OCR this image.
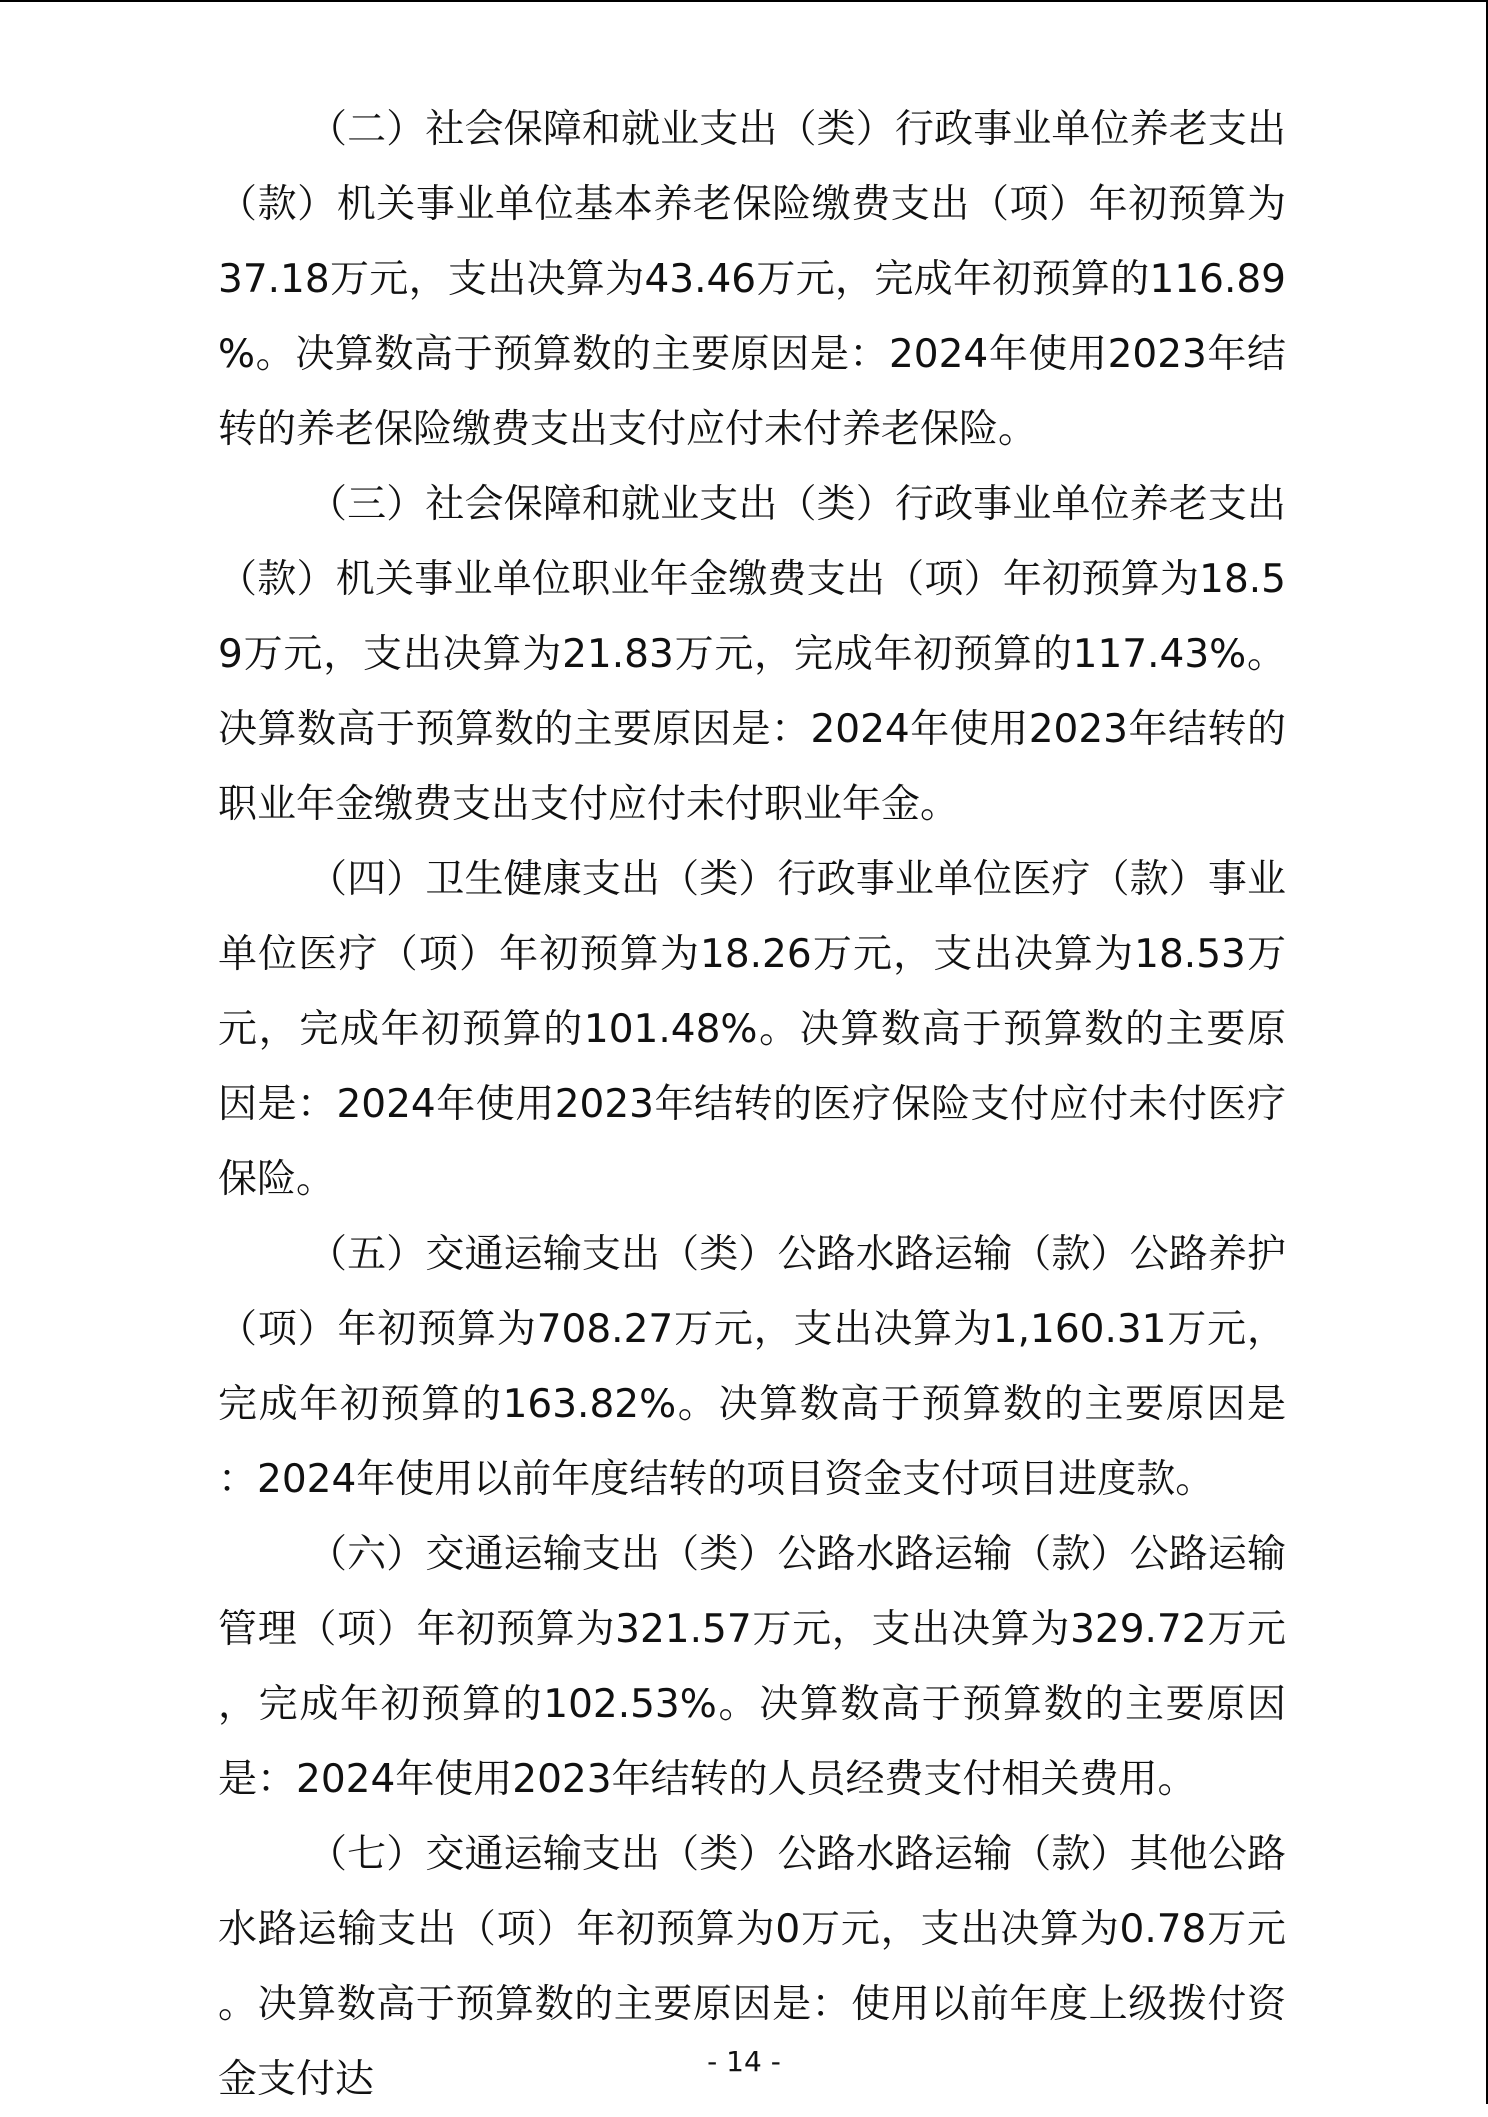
（二）社会保障和就业支出（类）行政事业单位养老支出（款）机关事业单位基本养老保险缴费支出（项）年初预算为37.18万元，支出决算为43.46万元，完成年初预算的116.89%。决算数高于预算数的主要原因是：2024年使用2023年结转的养老保险缴费支出支付应付未付养老保险。

（三）社会保障和就业支出（类）行政事业单位养老支出（款）机关事业单位职业年金缴费支出（项）年初预算为18.59万元，支出决算为21.83万元，完成年初预算的117.43%。决算数高于预算数的主要原因是：2024年使用2023年结转的职业年金缴费支出支付应付未付职业年金。

（四）卫生健康支出（类）行政事业单位医疗（款）事业单位医疗（项）年初预算为18.26万元，支出决算为18.53万元，完成年初预算的101.48%。决算数高于预算数的主要原因是：2024年使用2023年结转的医疗保险支付应付未付医疗保险。

（五）交通运输支出（类）公路水路运输（款）公路养护（项）年初预算为708.27万元，支出决算为1,160.31万元，完成年初预算的163.82%。决算数高于预算数的主要原因是：2024年使用以前年度结转的项目资金支付项目进度款。

（六）交通运输支出（类）公路水路运输（款）公路运输管理（项）年初预算为321.57万元，支出决算为329.72万元，完成年初预算的102.53%。决算数高于预算数的主要原因是：2024年使用2023年结转的人员经费支付相关费用。

（七）交通运输支出（类）公路水路运输（款）其他公路水路运输支出（项）年初预算为0万元，支出决算为0.78万元。决算数高于预算数的主要原因是：使用以前年度上级拨付资金支付达	- 14 -
